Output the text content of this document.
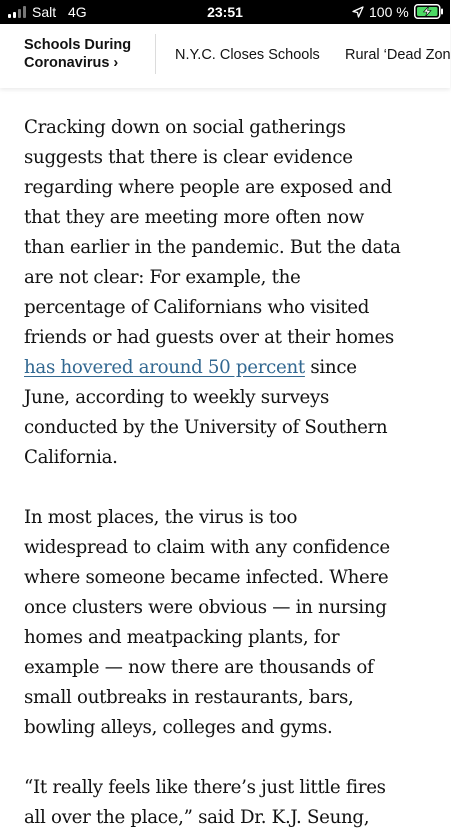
Salt 4G	23:51	100 %

Schools During Coronavirus ›	N.Y.C. Closes Schools Rural ‘Dead Zon

Cracking down on social gatherings
suggests that there is clear evidence
regarding where people are exposed and
that they are meeting more often now
than earlier in the pandemic. But the data
are not clear: For example, the
percentage of Californians who visited
friends or had guests over at their homes
has hovered around 50 percent since
June, according to weekly surveys
conducted by the University of Southern
California.

In most places, the virus is too
widespread to claim with any confidence
where someone became infected. Where
once clusters were obvious — in nursing
homes and meatpacking plants, for
example — now there are thousands of
small outbreaks in restaurants, bars,
bowling alleys, colleges and gyms.

“It really feels like there’s just little fires
all over the place,” said Dr. K.J. Seung,
